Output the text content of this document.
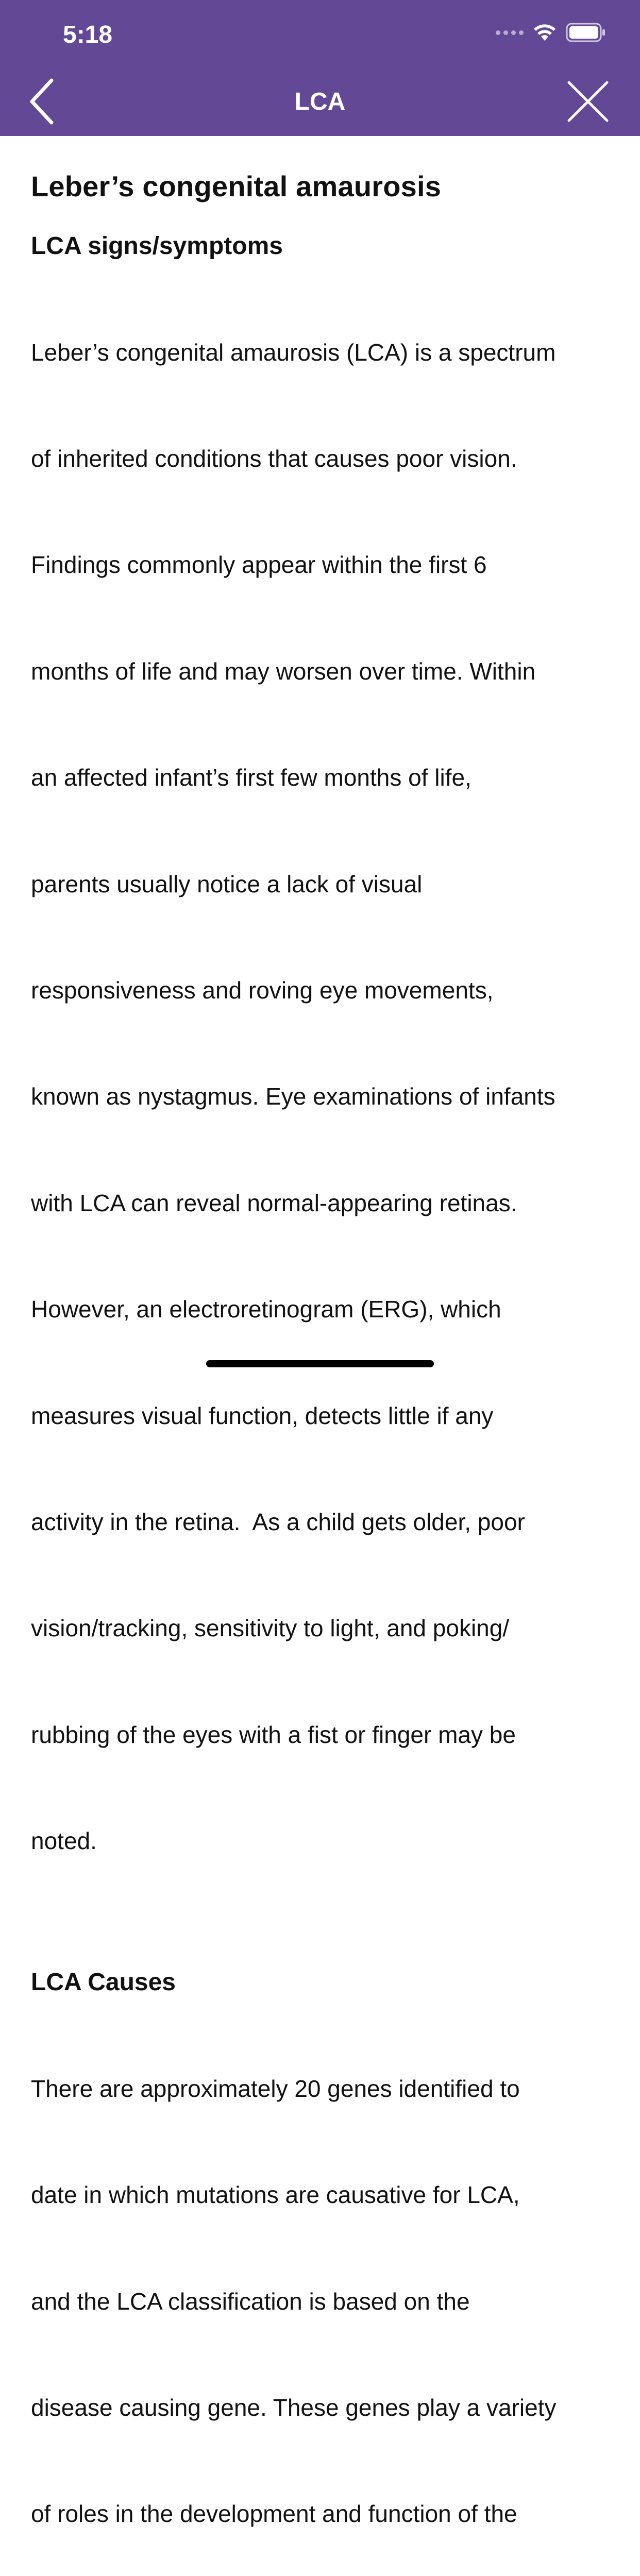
5:18
LCA
Leber’s congenital amaurosis
LCA signs/symptoms

Leber’s congenital amaurosis (LCA) is a spectrum

of inherited conditions that causes poor vision.

Findings commonly appear within the first 6

months of life and may worsen over time. Within

an affected infant’s first few months of life,

parents usually notice a lack of visual

responsiveness and roving eye movements,

known as nystagmus. Eye examinations of infants

with LCA can reveal normal-appearing retinas.

However, an electroretinogram (ERG), which

measures visual function, detects little if any

activity in the retina.  As a child gets older, poor

vision/tracking, sensitivity to light, and poking/

rubbing of the eyes with a fist or finger may be

noted.

LCA Causes

There are approximately 20 genes identified to

date in which mutations are causative for LCA,

and the LCA classification is based on the

disease causing gene. These genes play a variety

of roles in the development and function of the
